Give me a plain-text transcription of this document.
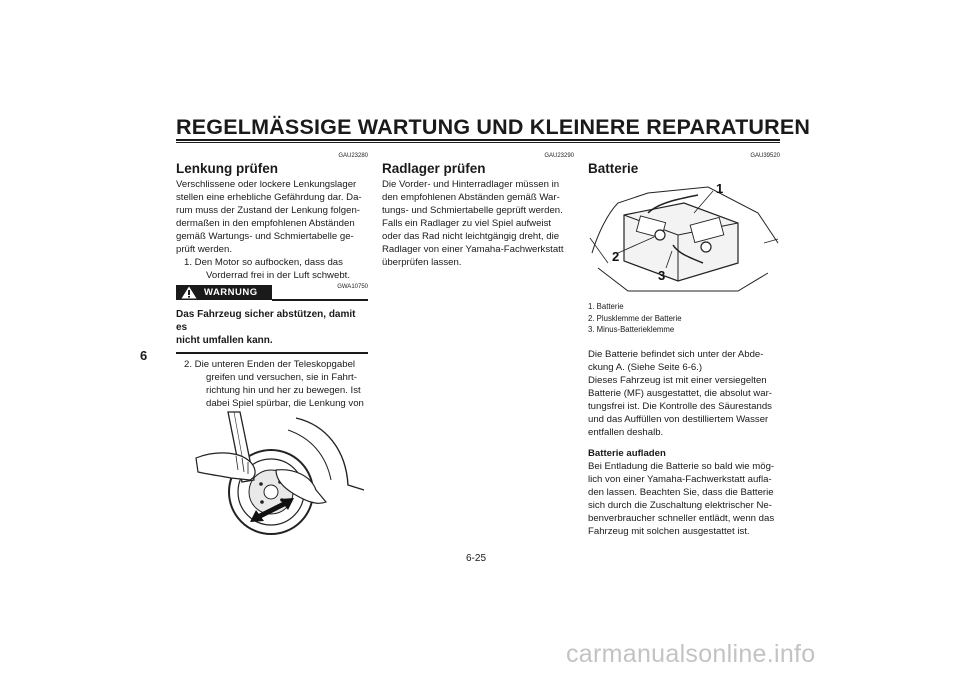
REGELMÄSSIGE WARTUNG UND KLEINERE REPARATUREN
6
GAU23280
Lenkung prüfen

Verschlissene oder lockere Lenkungslager

stellen eine erhebliche Gefährdung dar. Da-

rum muss der Zustand der Lenkung folgen-

dermaßen in den empfohlenen Abständen

gemäß Wartungs- und Schmiertabelle ge-

prüft werden.

1. Den Motor so aufbocken, dass das

Vorderrad frei in der Luft schwebt.

GWA10750
WARNUNG

Das Fahrzeug sicher abstützen, damit es

nicht umfallen kann.

2. Die unteren Enden der Teleskopgabel

greifen und versuchen, sie in Fahrt-

richtung hin und her zu bewegen. Ist

dabei Spiel spürbar, die Lenkung von

GAU23290
Radlager prüfen

Die Vorder- und Hinterradlager müssen in

den empfohlenen Abständen gemäß War-

tungs- und Schmiertabelle geprüft werden.

Falls ein Radlager zu viel Spiel aufweist

oder das Rad nicht leichtgängig dreht, die

Radlager von einer Yamaha-Fachwerkstatt

überprüfen lassen.

GAU39520
Batterie
1
2
3

1. Batterie

2. Plusklemme der Batterie

3. Minus-Batterieklemme

Die Batterie befindet sich unter der Abde-

ckung A. (Siehe Seite 6-6.)

Dieses Fahrzeug ist mit einer versiegelten

Batterie (MF) ausgestattet, die absolut war-

tungsfrei ist. Die Kontrolle des Säurestands

und das Auffüllen von destilliertem Wasser

entfallen deshalb.

Batterie aufladen

Bei Entladung die Batterie so bald wie mög-

lich von einer Yamaha-Fachwerkstatt aufla-

den lassen. Beachten Sie, dass die Batterie

sich durch die Zuschaltung elektrischer Ne-

benverbraucher schneller entlädt, wenn das

Fahrzeug mit solchen ausgestattet ist.

6-25
carmanualsonline.info
